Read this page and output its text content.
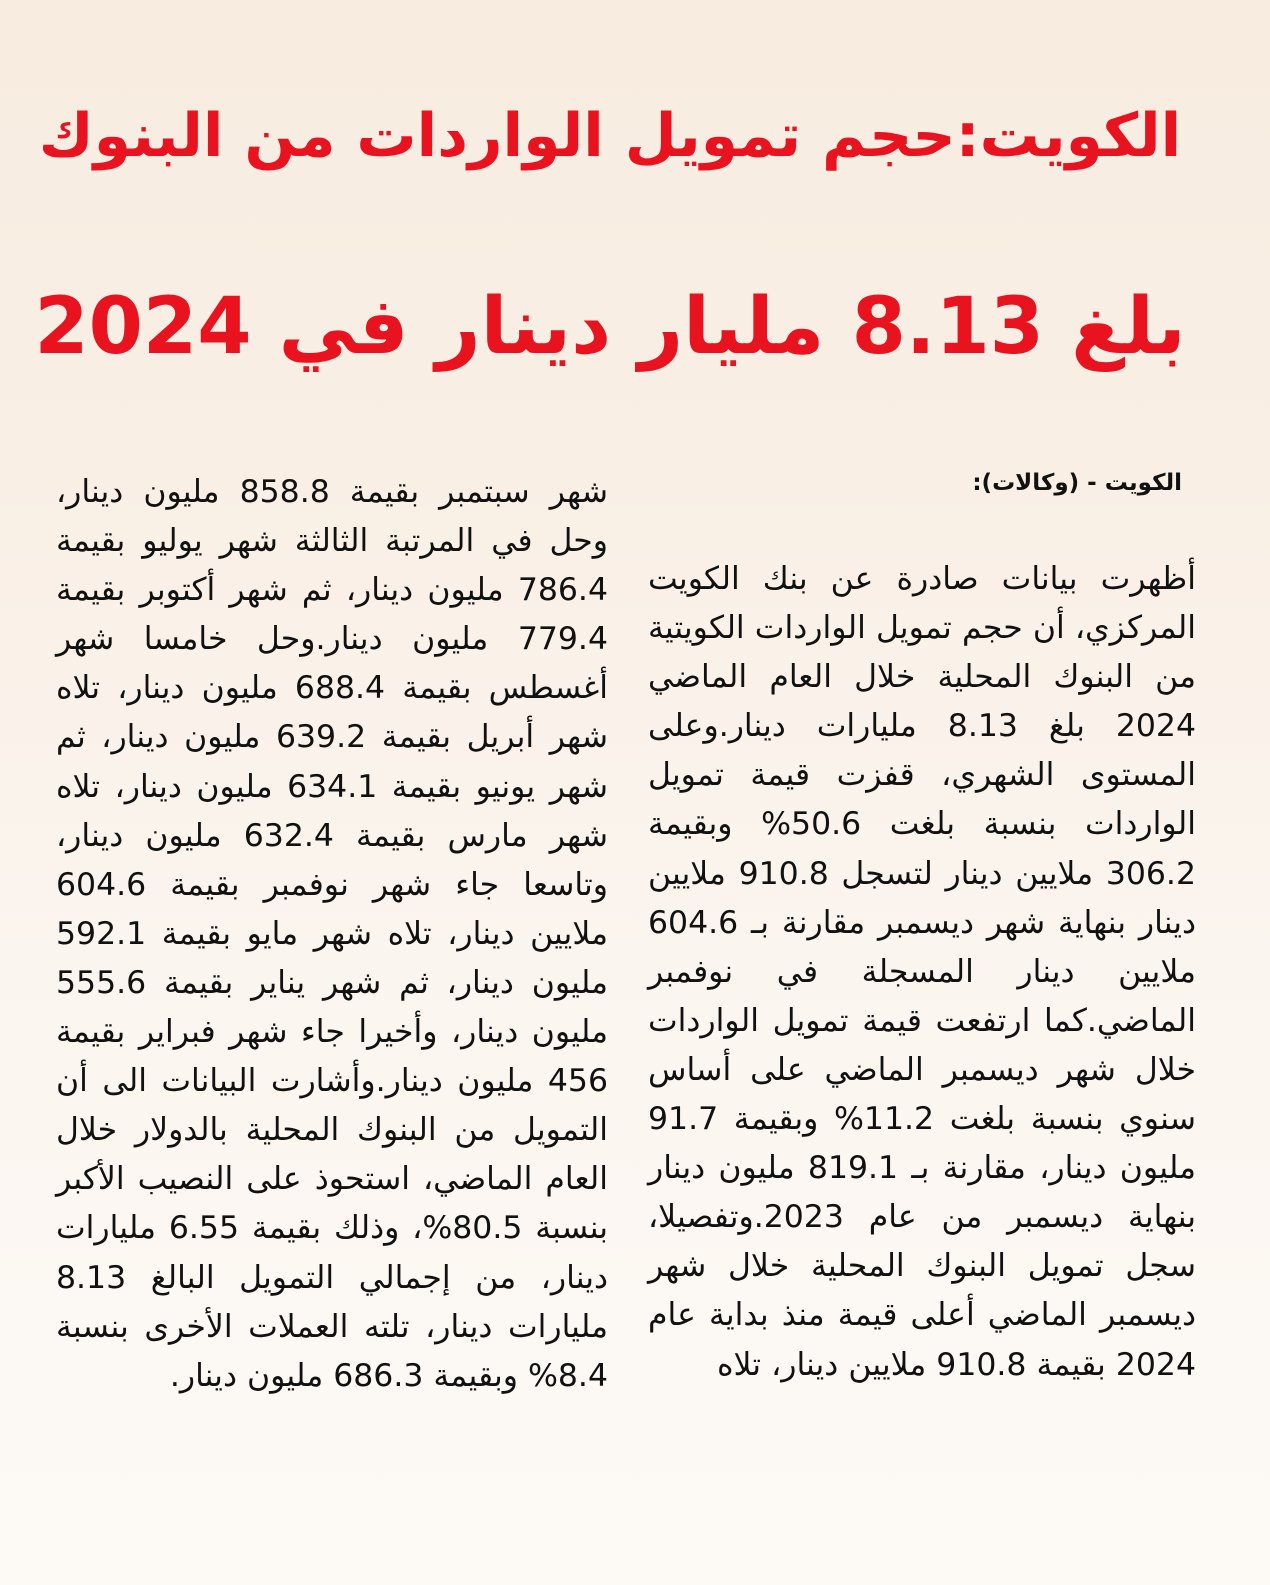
الكويت:حجم تمويل الواردات من البنوك
بلغ 8.13 مليار دينار في 2024
الكويت - (وكالات):
أظهرت بيانات صادرة عن بنك الكويت المركزي، أن حجم تمويل الواردات الكويتية من البنوك المحلية خلال العام الماضي 2024 بلغ 8.13 مليارات دينار.وعلى المستوى الشهري، قفزت قيمة تمويل الواردات بنسبة بلغت 50.6% وبقيمة 306.2 ملايين دينار لتسجل 910.8 ملايين دينار بنهاية شهر ديسمبر مقارنة بـ 604.6 ملايين دينار المسجلة في نوفمبر الماضي.كما ارتفعت قيمة تمويل الواردات خلال شهر ديسمبر الماضي على أساس سنوي بنسبة بلغت 11.2% وبقيمة 91.7 مليون دينار، مقارنة بـ 819.1 مليون دينار بنهاية ديسمبر من عام 2023.وتفصيلا، سجل تمويل البنوك المحلية خلال شهر ديسمبر الماضي أعلى قيمة منذ بداية عام 2024 بقيمة 910.8 ملايين دينار، تلاه
شهر سبتمبر بقيمة 858.8 مليون دينار، وحل في المرتبة الثالثة شهر يوليو بقيمة 786.4 مليون دينار، ثم شهر أكتوبر بقيمة 779.4 مليون دينار.وحل خامسا شهر أغسطس بقيمة 688.4 مليون دينار، تلاه شهر أبريل بقيمة 639.2 مليون دينار، ثم شهر يونيو بقيمة 634.1 مليون دينار، تلاه شهر مارس بقيمة 632.4 مليون دينار، وتاسعا جاء شهر نوفمبر بقيمة 604.6 ملايين دينار، تلاه شهر مايو بقيمة 592.1 مليون دينار، ثم شهر يناير بقيمة 555.6 مليون دينار، وأخيرا جاء شهر فبراير بقيمة 456 مليون دينار.وأشارت البيانات الى أن التمويل من البنوك المحلية بالدولار خلال العام الماضي، استحوذ على النصيب الأكبر بنسبة 80.5%، وذلك بقيمة 6.55 مليارات دينار، من إجمالي التمويل البالغ 8.13 مليارات دينار، تلته العملات الأخرى بنسبة 8.4% وبقيمة 686.3 مليون دينار.
